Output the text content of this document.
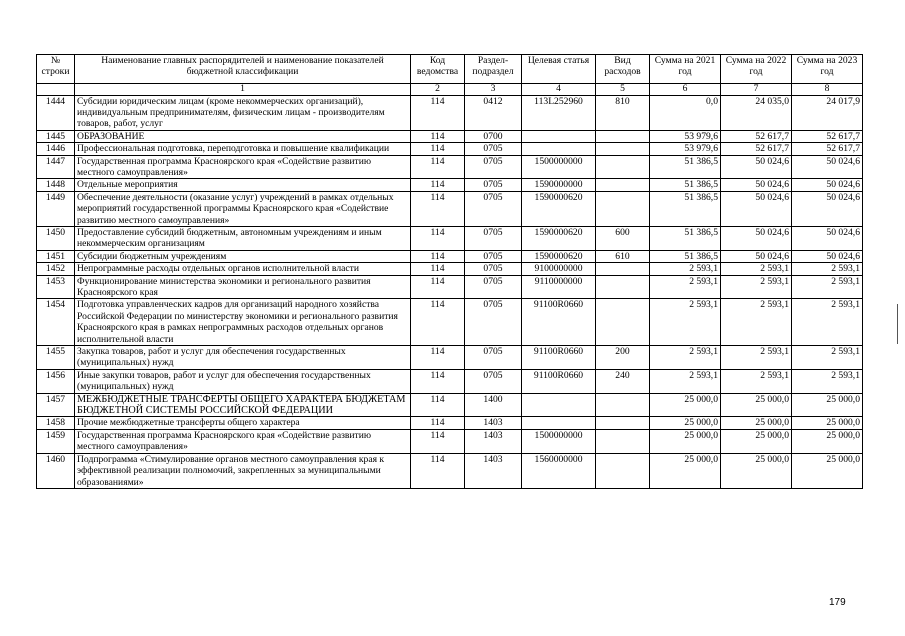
№ строки	Наименование главных распорядителей и наименование показателей бюджетной классификации	Код ведомства	Раздел-подраздел	Целевая статья	Вид расходов	Сумма на 2021 год	Сумма на 2022 год	Сумма на 2023 год
	1	2	3	4	5	6	7	8
1444	Субсидии юридическим лицам (кроме некоммерческих организаций), индивидуальным предпринимателям, физическим лицам - производителям товаров, работ, услуг	114	0412	113L252960	810	0,0	24 035,0	24 017,9
1445	ОБРАЗОВАНИЕ	114	0700			53 979,6	52 617,7	52 617,7
1446	Профессиональная подготовка, переподготовка и повышение квалификации	114	0705			53 979,6	52 617,7	52 617,7
1447	Государственная программа Красноярского края «Содействие развитию местного самоуправления»	114	0705	1500000000		51 386,5	50 024,6	50 024,6
1448	Отдельные мероприятия	114	0705	1590000000		51 386,5	50 024,6	50 024,6
1449	Обеспечение деятельности (оказание услуг) учреждений в рамках отдельных мероприятий государственной программы Красноярского края «Содействие развитию местного самоуправления»	114	0705	1590000620		51 386,5	50 024,6	50 024,6
1450	Предоставление субсидий бюджетным, автономным учреждениям и иным некоммерческим организациям	114	0705	1590000620	600	51 386,5	50 024,6	50 024,6
1451	Субсидии бюджетным учреждениям	114	0705	1590000620	610	51 386,5	50 024,6	50 024,6
1452	Непрограммные расходы отдельных органов исполнительной власти	114	0705	9100000000		2 593,1	2 593,1	2 593,1
1453	Функционирование министерства экономики и регионального развития Красноярского края	114	0705	9110000000		2 593,1	2 593,1	2 593,1
1454	Подготовка управленческих кадров для организаций народного хозяйства Российской Федерации по министерству экономики и регионального развития Красноярского края в рамках непрограммных расходов отдельных органов исполнительной власти	114	0705	91100R0660		2 593,1	2 593,1	2 593,1
1455	Закупка товаров, работ и услуг для обеспечения государственных (муниципальных) нужд	114	0705	91100R0660	200	2 593,1	2 593,1	2 593,1
1456	Иные закупки товаров, работ и услуг для обеспечения государственных (муниципальных) нужд	114	0705	91100R0660	240	2 593,1	2 593,1	2 593,1
1457	МЕЖБЮДЖЕТНЫЕ ТРАНСФЕРТЫ ОБЩЕГО ХАРАКТЕРА БЮДЖЕТАМ БЮДЖЕТНОЙ СИСТЕМЫ РОССИЙСКОЙ ФЕДЕРАЦИИ	114	1400			25 000,0	25 000,0	25 000,0
1458	Прочие межбюджетные трансферты общего характера	114	1403			25 000,0	25 000,0	25 000,0
1459	Государственная программа Красноярского края «Содействие развитию местного самоуправления»	114	1403	1500000000		25 000,0	25 000,0	25 000,0
1460	Подпрограмма «Стимулирование органов местного самоуправления края к эффективной реализации полномочий, закрепленных за муниципальными образованиями»	114	1403	1560000000		25 000,0	25 000,0	25 000,0
179
